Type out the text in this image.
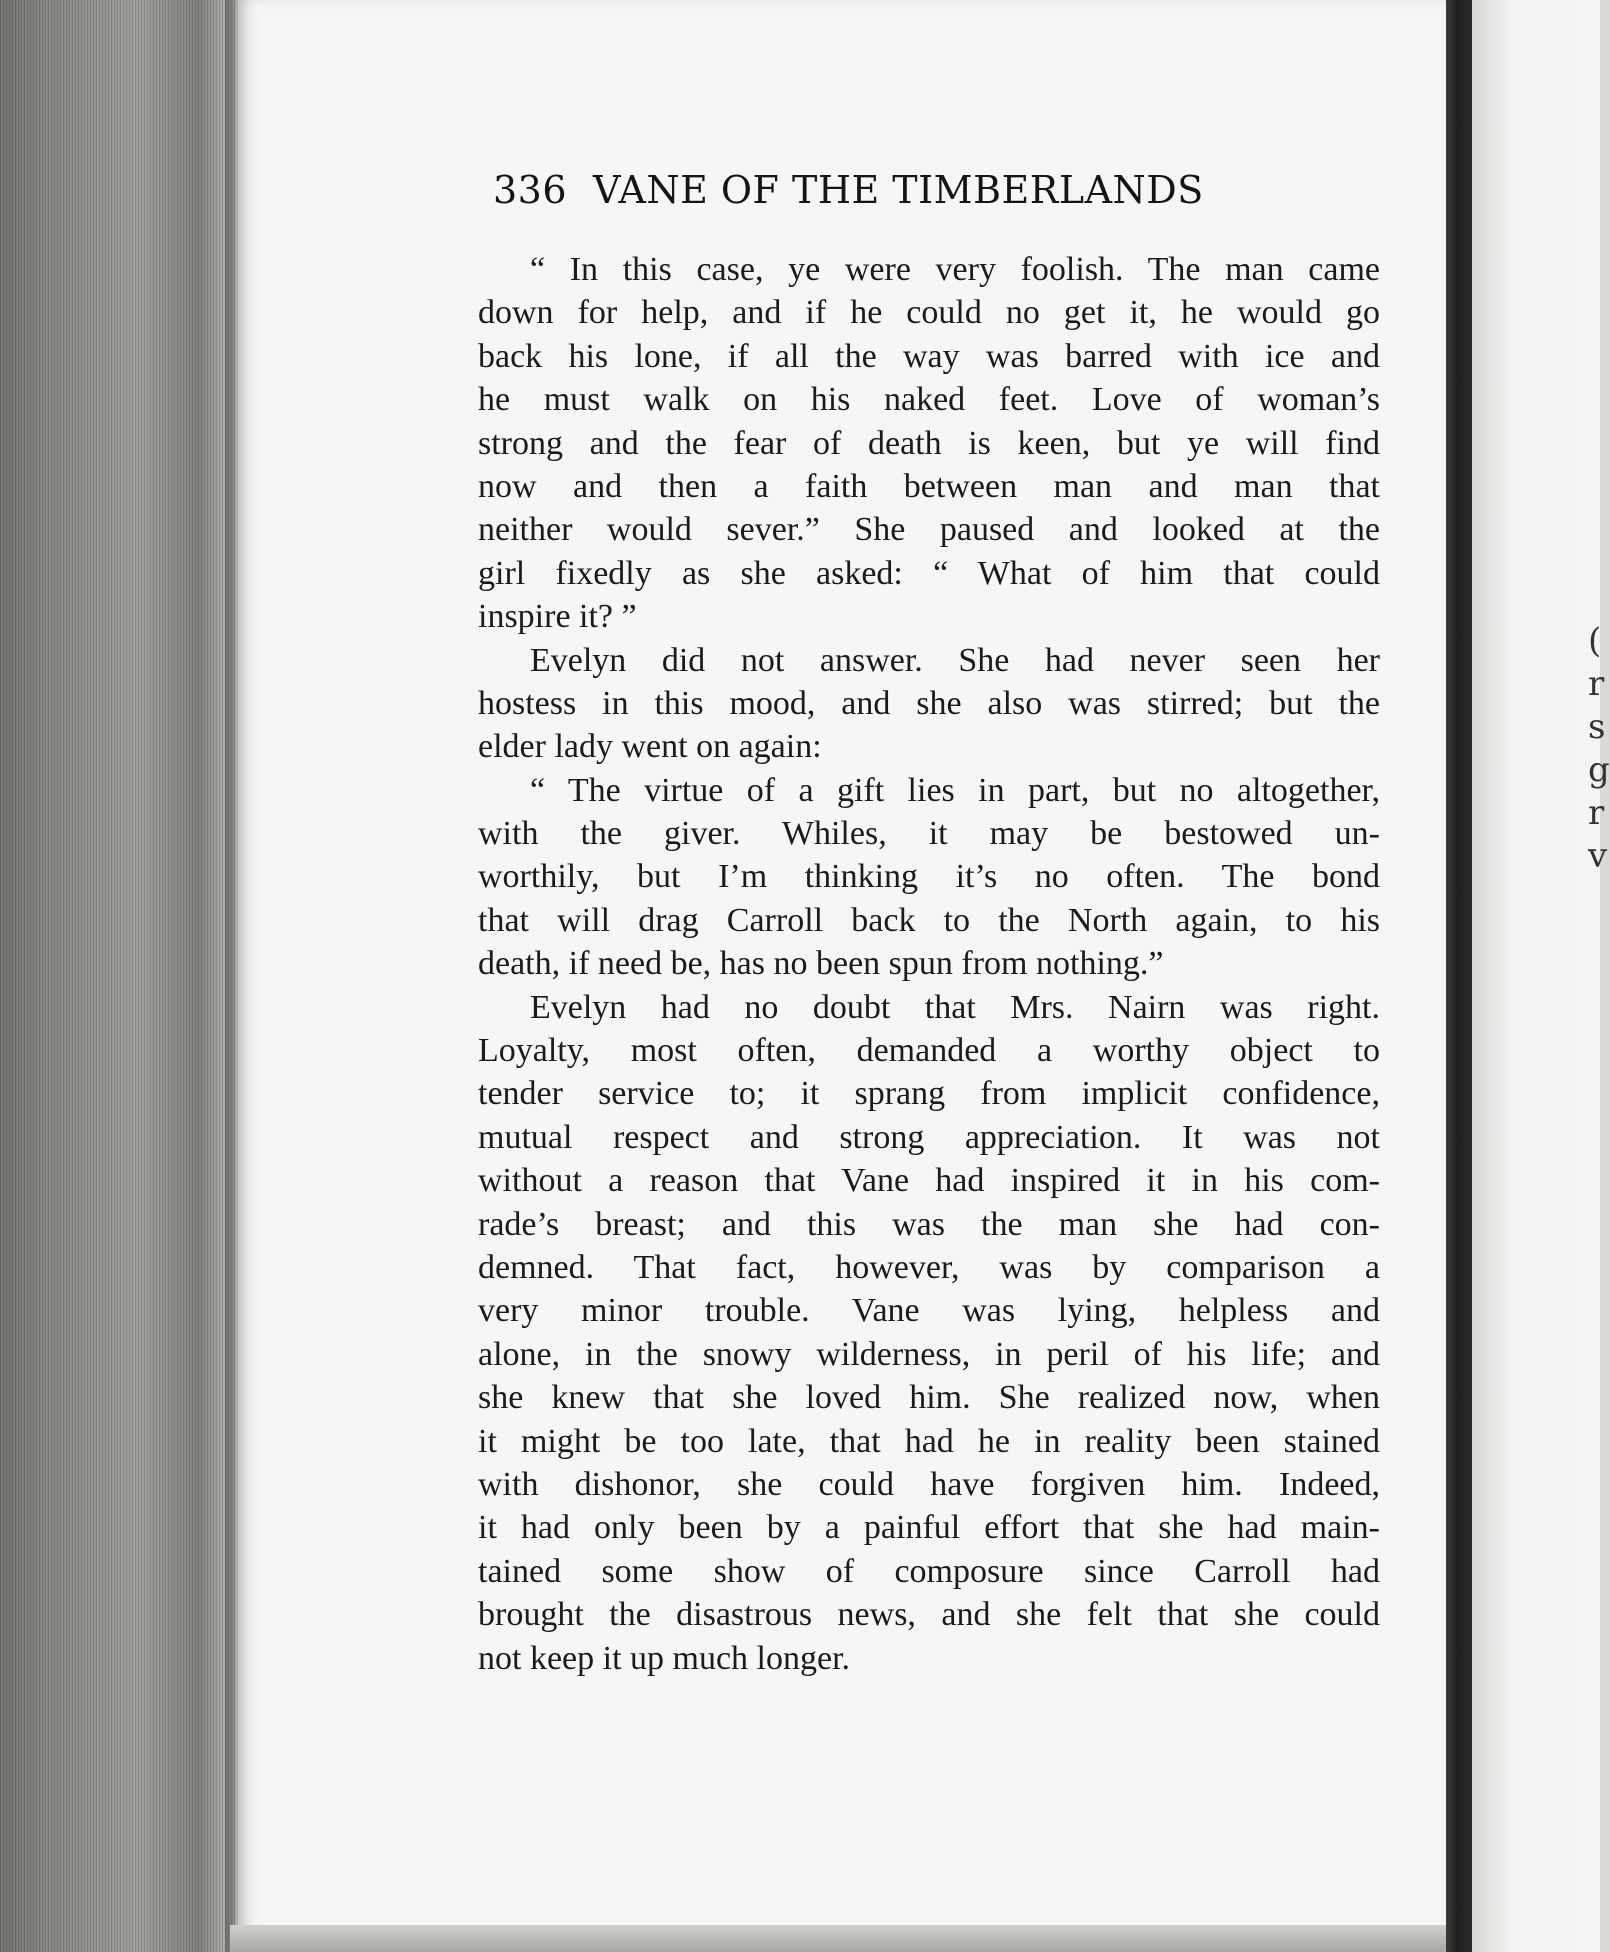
(
r
s
g
r
v
336 VANE OF THE TIMBERLANDS
“ In this case, ye were very foolish. The man came
down for help, and if he could no get it, he would go
back his lone, if all the way was barred with ice and
he must walk on his naked feet. Love of woman’s
strong and the fear of death is keen, but ye will find
now and then a faith between man and man that
neither would sever.” She paused and looked at the
girl fixedly as she asked: “ What of him that could
inspire it? ”
Evelyn did not answer. She had never seen her
hostess in this mood, and she also was stirred; but the
elder lady went on again:
“ The virtue of a gift lies in part, but no altogether,
with the giver. Whiles, it may be bestowed un-
worthily, but I’m thinking it’s no often. The bond
that will drag Carroll back to the North again, to his
death, if need be, has no been spun from nothing.”
Evelyn had no doubt that Mrs. Nairn was right.
Loyalty, most often, demanded a worthy object to
tender service to; it sprang from implicit confidence,
mutual respect and strong appreciation. It was not
without a reason that Vane had inspired it in his com-
rade’s breast; and this was the man she had con-
demned. That fact, however, was by comparison a
very minor trouble. Vane was lying, helpless and
alone, in the snowy wilderness, in peril of his life; and
she knew that she loved him. She realized now, when
it might be too late, that had he in reality been stained
with dishonor, she could have forgiven him. Indeed,
it had only been by a painful effort that she had main-
tained some show of composure since Carroll had
brought the disastrous news, and she felt that she could
not keep it up much longer.
